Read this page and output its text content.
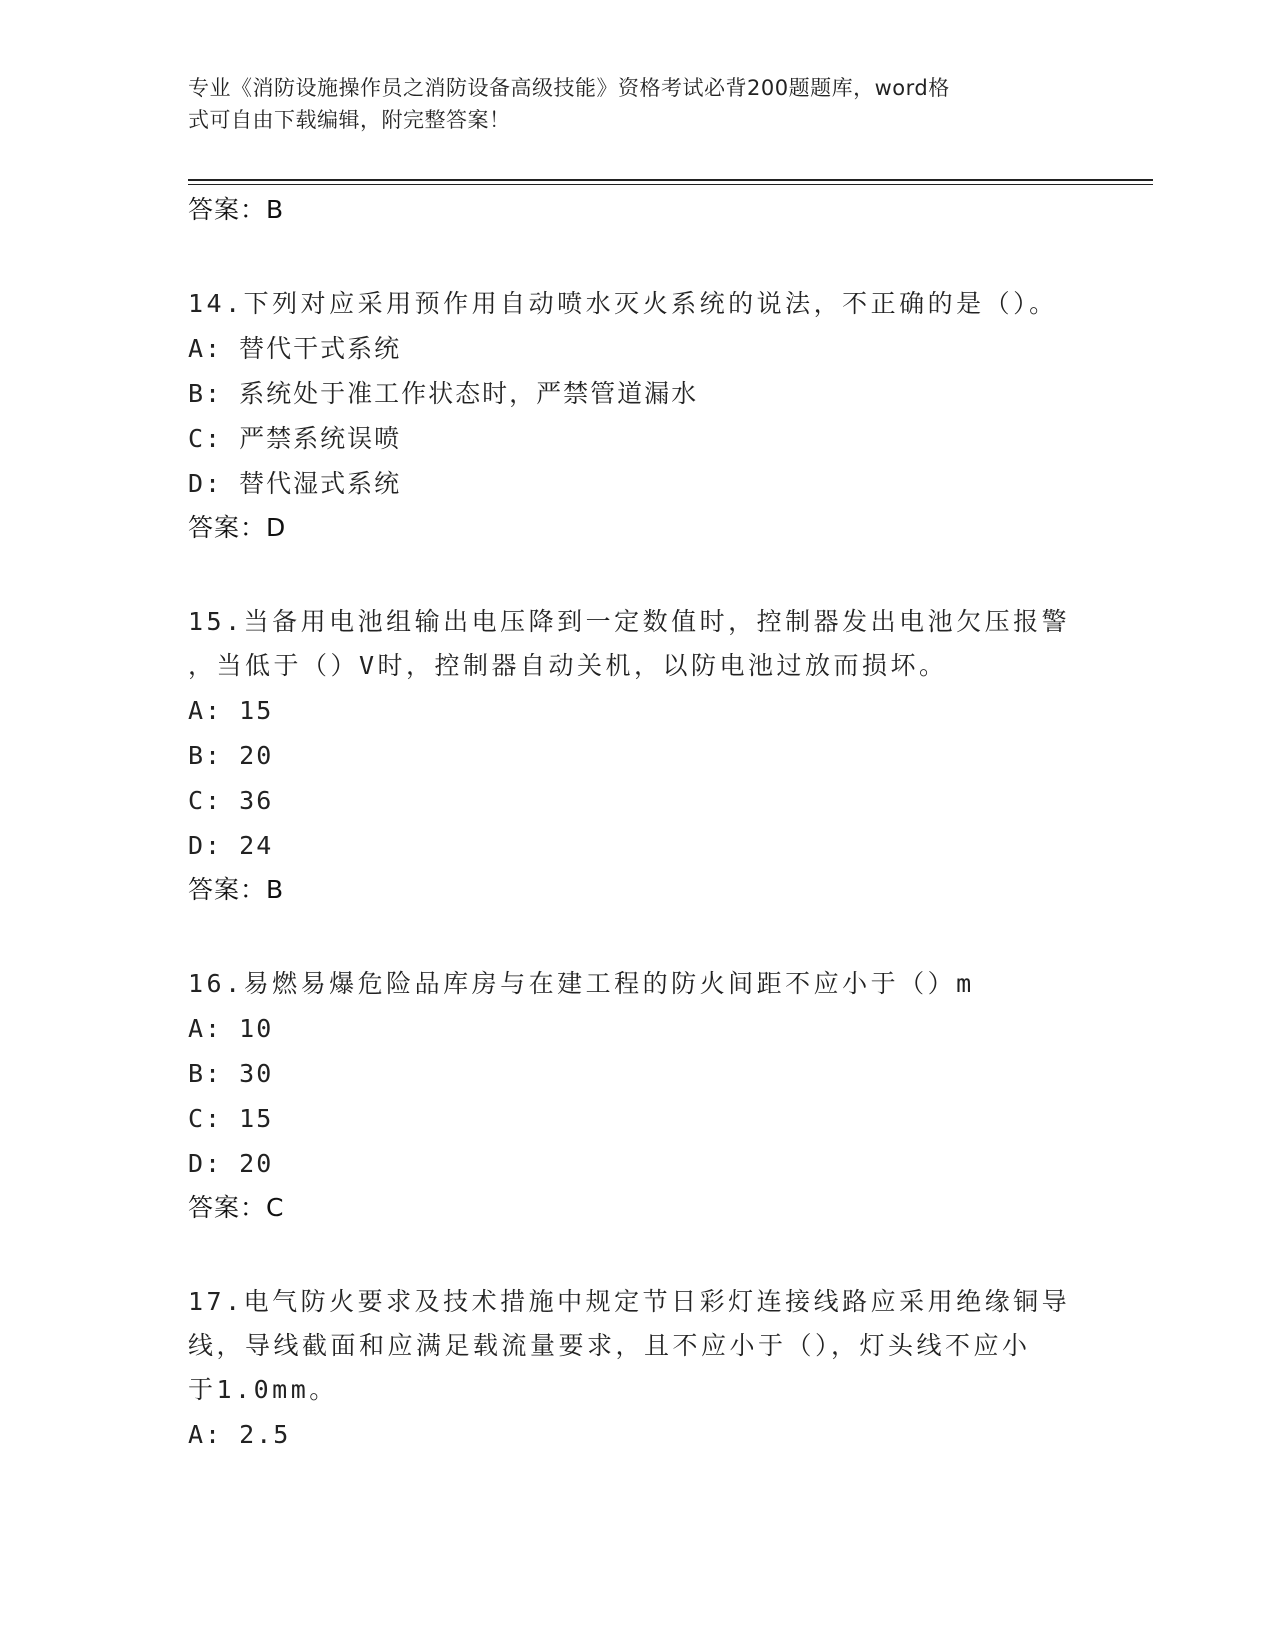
专业《消防设施操作员之消防设备高级技能》资格考试必背200题题库，word格
式可自由下载编辑，附完整答案！
答案：B
14.下列对应采用预作用自动喷水灭火系统的说法，不正确的是（）。
A: 替代干式系统
B: 系统处于准工作状态时，严禁管道漏水
C: 严禁系统误喷
D: 替代湿式系统
答案：D
15.当备用电池组输出电压降到一定数值时，控制器发出电池欠压报警
，当低于（）V时，控制器自动关机，以防电池过放而损坏。
A: 15
B: 20
C: 36
D: 24
答案：B
16.易燃易爆危险品库房与在建工程的防火间距不应小于（）m
A: 10
B: 30
C: 15
D: 20
答案：C
17.电气防火要求及技术措施中规定节日彩灯连接线路应采用绝缘铜导
线，导线截面和应满足载流量要求，且不应小于（），灯头线不应小
于1.0mm。
A: 2.5
